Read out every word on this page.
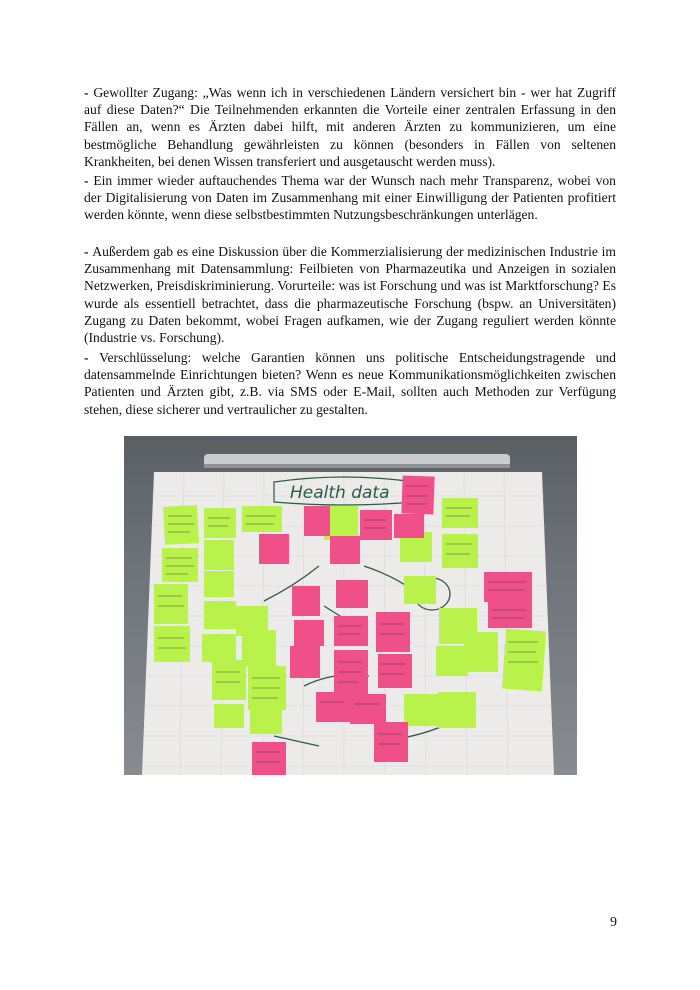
- Gewollter Zugang: „Was wenn ich in verschiedenen Ländern versichert bin - wer hat Zugriff auf diese Daten?“ Die Teilnehmenden erkannten die Vorteile einer zentralen Erfassung in den Fällen an, wenn es Ärzten dabei hilft, mit anderen Ärzten zu kommunizieren, um eine bestmögliche Behandlung gewährleisten zu können (besonders in Fällen von seltenen Krankheiten, bei denen Wissen transferiert und ausgetauscht werden muss).
- Ein immer wieder auftauchendes Thema war der Wunsch nach mehr Transparenz, wobei von der Digitalisierung von Daten im Zusammenhang mit einer Einwilligung der Patienten profitiert werden könnte, wenn diese selbstbestimmten Nutzungsbeschränkungen unterlägen.
- Außerdem gab es eine Diskussion über die Kommerzialisierung der medizinischen Industrie im Zusammenhang mit Datensammlung: Feilbieten von Pharmazeutika und Anzeigen in sozialen Netzwerken, Preisdiskriminierung. Vorurteile: was ist Forschung und was ist Marktforschung? Es wurde als essentiell betrachtet, dass die pharmazeutische Forschung (bspw. an Universitäten) Zugang zu Daten bekommt, wobei Fragen aufkamen, wie der Zugang reguliert werden könnte (Industrie vs. Forschung).
- Verschlüsselung: welche Garantien können uns politische Entscheidungstragende und datensammelnde Einrichtungen bieten? Wenn es neue Kommunikationsmöglichkeiten zwischen Patienten und Ärzten gibt, z.B. via SMS oder E-Mail, sollten auch Methoden zur Verfügung stehen, diese sicherer und vertraulicher zu gestalten.
Health data
9
